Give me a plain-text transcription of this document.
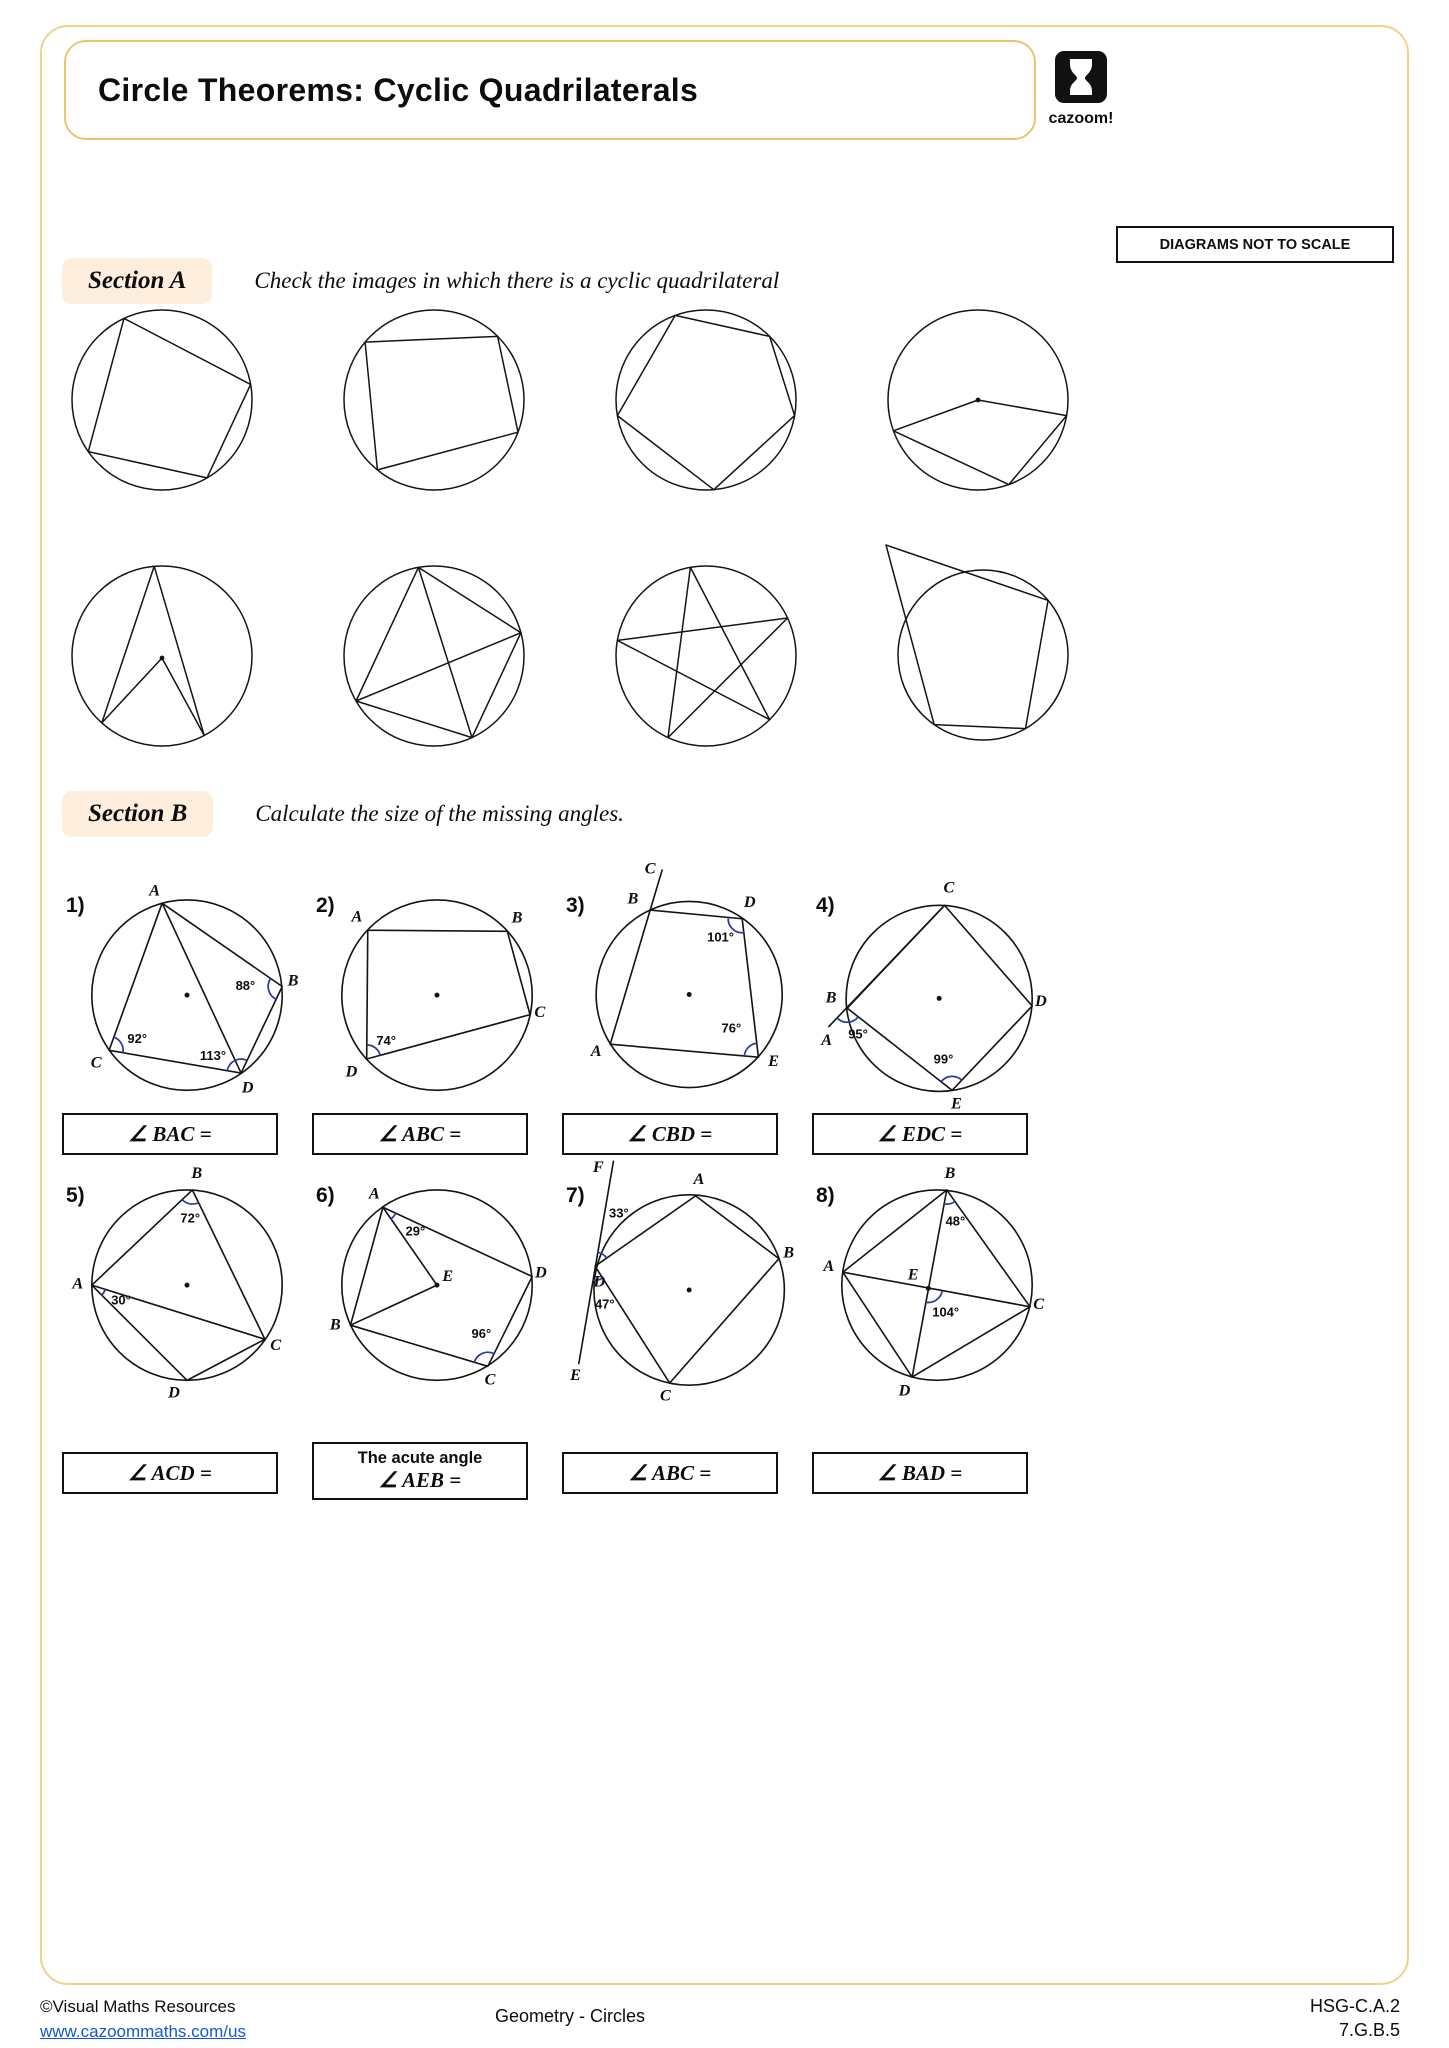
Circle Theorems: Cyclic Quadrilaterals
cazoom!
DIAGRAMS NOT TO SCALE
Section A	Check the images in which there is a cyclic quadrilateral
Section B	Calculate the size of the missing angles.
1)
A
B
C
D
88°
92°
113°
2) A	B
C
D
74°
3)
C
B	D
A
E
101°
76°
4)
C
B	D
E
A 95°
99°
∠ BAC =	∠ ABC =	∠ CBD =	∠ EDC =
5)
B
A
C
D
72°
30°
6) A
D
B
C
E
29°
96°
7)
F
A
B
C
D
E
33°
47°
8)
B
A	E
C
D
48°
104°
∠ ACD =
The acute angle
∠ AEB =	∠ ABC =	∠ BAD =
©Visual Maths Resources
www.cazoommaths.com/us
Geometry - Circles	HSG-C.A.2
7.G.B.5
